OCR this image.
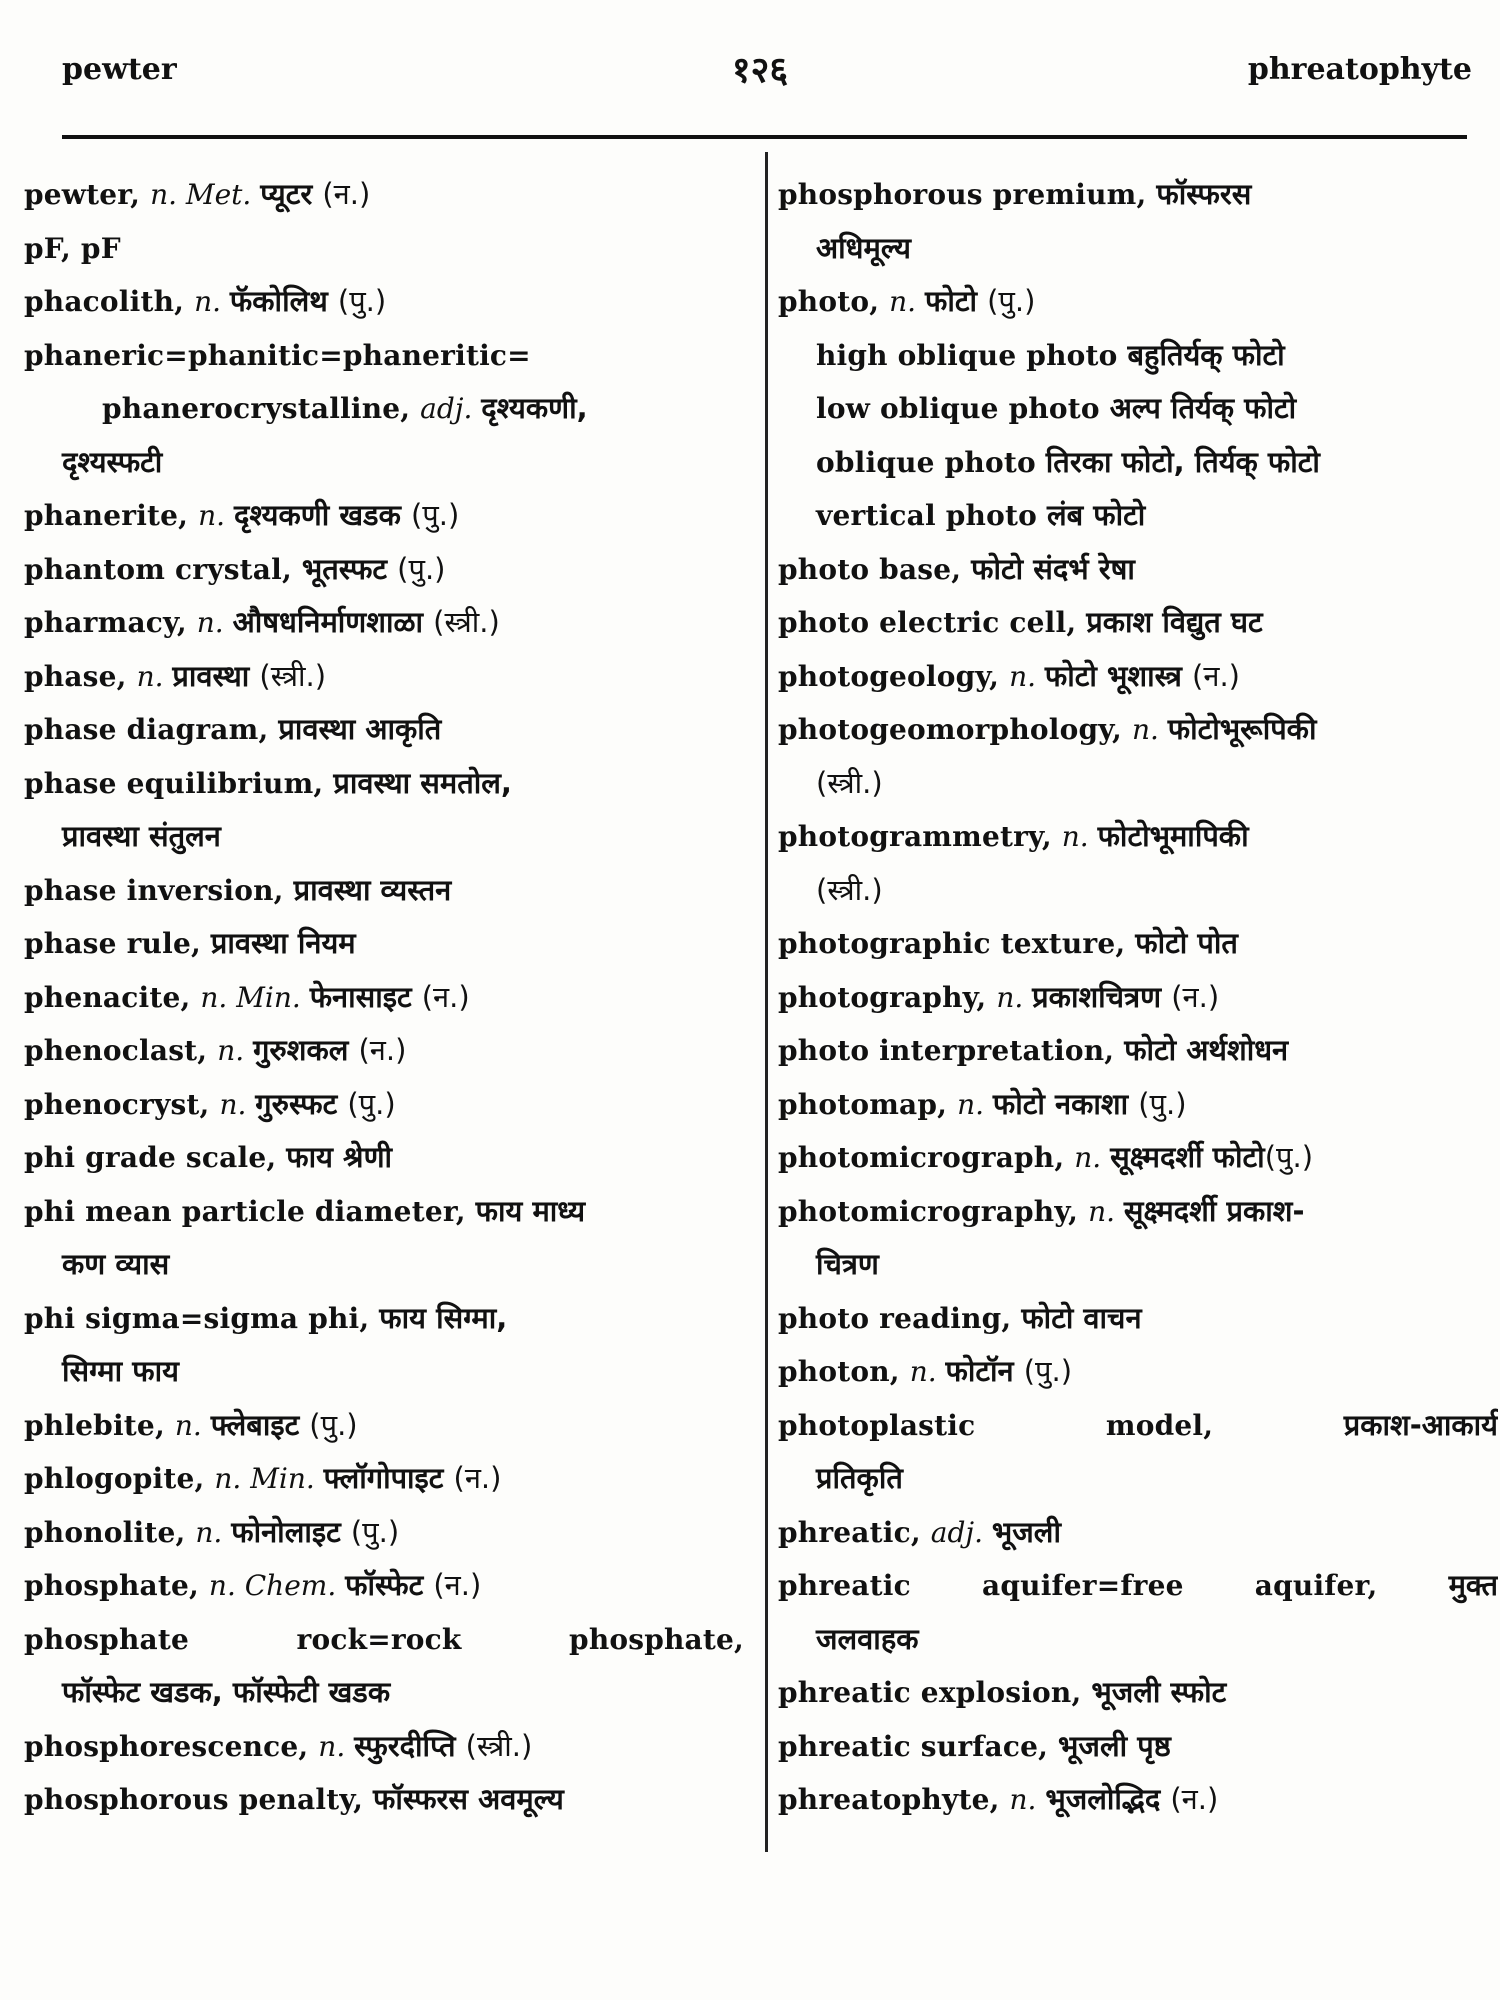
pewter	१२६	phreatophyte
pewter, n. Met. प्यूटर (न.)
pF, pF
phacolith, n. फॅकोलिथ (पु.)
phaneric=phanitic=phaneritic=
phanerocrystalline, adj. दृश्यकणी,
दृश्यस्फटी
phanerite, n. दृश्यकणी खडक (पु.)
phantom crystal, भूतस्फट (पु.)
pharmacy, n. औषधनिर्माणशाळा (स्त्री.)
phase, n. प्रावस्था (स्त्री.)
phase diagram, प्रावस्था आकृति
phase equilibrium, प्रावस्था समतोल,
प्रावस्था संतुलन
phase inversion, प्रावस्था व्यस्तन
phase rule, प्रावस्था नियम
phenacite, n. Min. फेनासाइट (न.)
phenoclast, n. गुरुशकल (न.)
phenocryst, n. गुरुस्फट (पु.)
phi grade scale, फाय श्रेणी
phi mean particle diameter, फाय माध्य
कण व्यास
phi sigma=sigma phi, फाय सिग्मा,
सिग्मा फाय
phlebite, n. फ्लेबाइट (पु.)
phlogopite, n. Min. फ्लॉगोपाइट (न.)
phonolite, n. फोनोलाइट (पु.)
phosphate, n. Chem. फॉस्फेट (न.)
phosphate rock=rock phosphate,
फॉस्फेट खडक, फॉस्फेटी खडक
phosphorescence, n. स्फुरदीप्ति (स्त्री.)
phosphorous penalty, फॉस्फरस अवमूल्य
phosphorous premium, फॉस्फरस
अधिमूल्य
photo, n. फोटो (पु.)
high oblique photo बहुतिर्यक् फोटो
low oblique photo अल्प तिर्यक् फोटो
oblique photo तिरका फोटो, तिर्यक् फोटो
vertical photo लंब फोटो
photo base, फोटो संदर्भ रेषा
photo electric cell, प्रकाश विद्युत घट
photogeology, n. फोटो भूशास्त्र (न.)
photogeomorphology, n. फोटोभूरूपिकी
(स्त्री.)
photogrammetry, n. फोटोभूमापिकी
(स्त्री.)
photographic texture, फोटो पोत
photography, n. प्रकाशचित्रण (न.)
photo interpretation, फोटो अर्थशोधन
photomap, n. फोटो नकाशा (पु.)
photomicrograph, n. सूक्ष्मदर्शी फोटो(पु.)
photomicrography, n. सूक्ष्मदर्शी प्रकाश-
चित्रण
photo reading, फोटो वाचन
photon, n. फोटॉन (पु.)
photoplastic model, प्रकाश-आकार्य
प्रतिकृति
phreatic, adj. भूजली
phreatic aquifer=free aquifer, मुक्त
जलवाहक
phreatic explosion, भूजली स्फोट
phreatic surface, भूजली पृष्ठ
phreatophyte, n. भूजलोद्भिद (न.)
